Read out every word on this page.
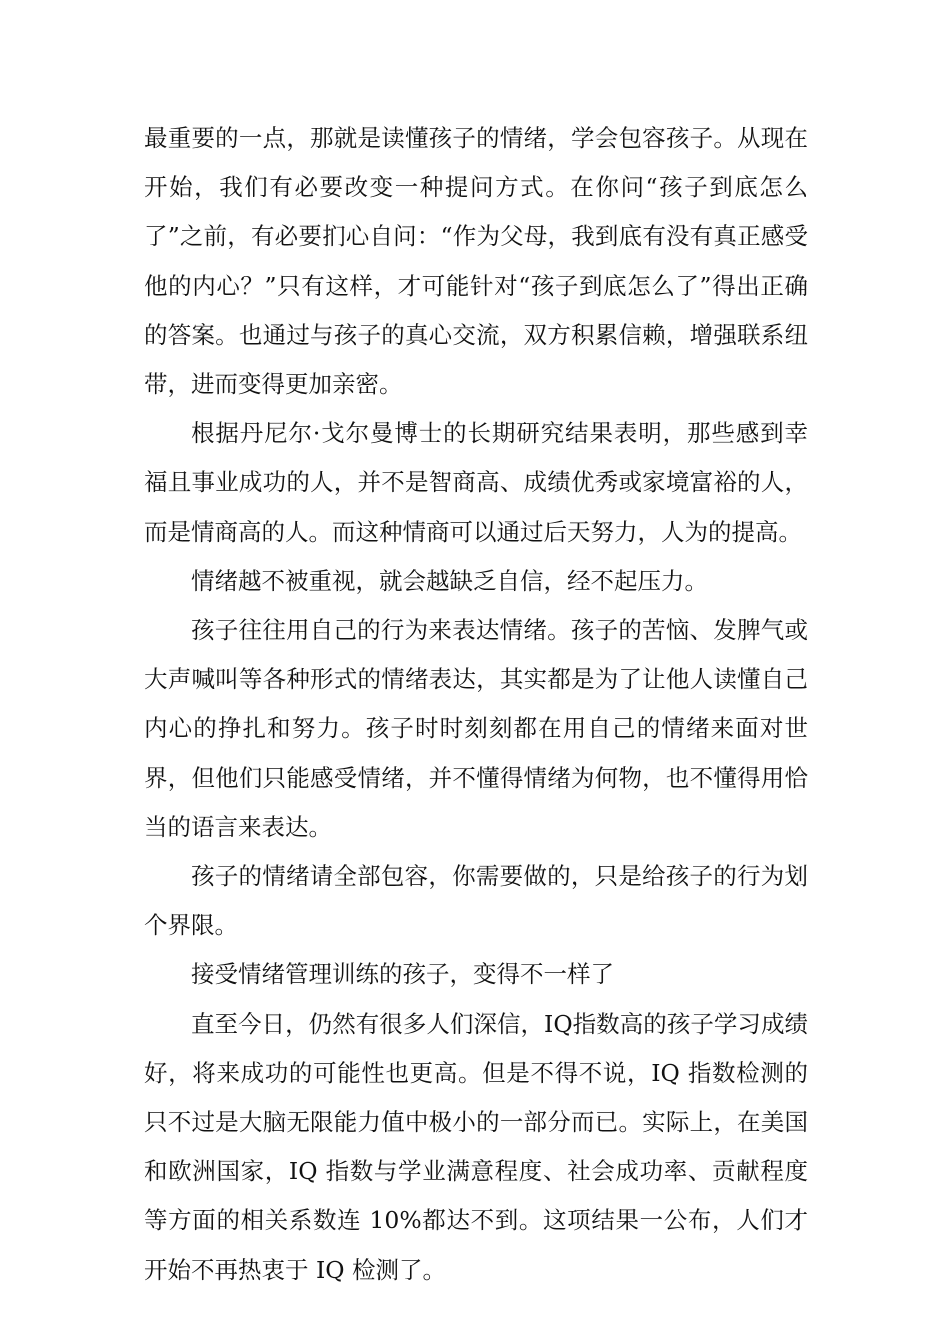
最重要的一点，那就是读懂孩子的情绪，学会包容孩子。从现在开始，我们有必要改变一种提问方式。在你问“孩子到底怎么了”之前，有必要扪心自问：“作为父母，我到底有没有真正感受他的内心？”只有这样，才可能针对“孩子到底怎么了”得出正确的答案。也通过与孩子的真心交流，双方积累信赖，增强联系纽带，进而变得更加亲密。

根据丹尼尔·戈尔曼博士的长期研究结果表明，那些感到幸福且事业成功的人，并不是智商高、成绩优秀或家境富裕的人，而是情商高的人。而这种情商可以通过后天努力，人为的提高。

情绪越不被重视，就会越缺乏自信，经不起压力。

孩子往往用自己的行为来表达情绪。孩子的苦恼、发脾气或大声喊叫等各种形式的情绪表达，其实都是为了让他人读懂自己内心的挣扎和努力。孩子时时刻刻都在用自己的情绪来面对世界，但他们只能感受情绪，并不懂得情绪为何物，也不懂得用恰当的语言来表达。

孩子的情绪请全部包容，你需要做的，只是给孩子的行为划个界限。

接受情绪管理训练的孩子，变得不一样了

直至今日，仍然有很多人们深信，IQ指数高的孩子学习成绩好，将来成功的可能性也更高。但是不得不说，IQ 指数检测的只不过是大脑无限能力值中极小的一部分而已。实际上，在美国和欧洲国家，IQ 指数与学业满意程度、社会成功率、贡献程度等方面的相关系数连 10%都达不到。这项结果一公布，人们才开始不再热衷于 IQ 检测了。
